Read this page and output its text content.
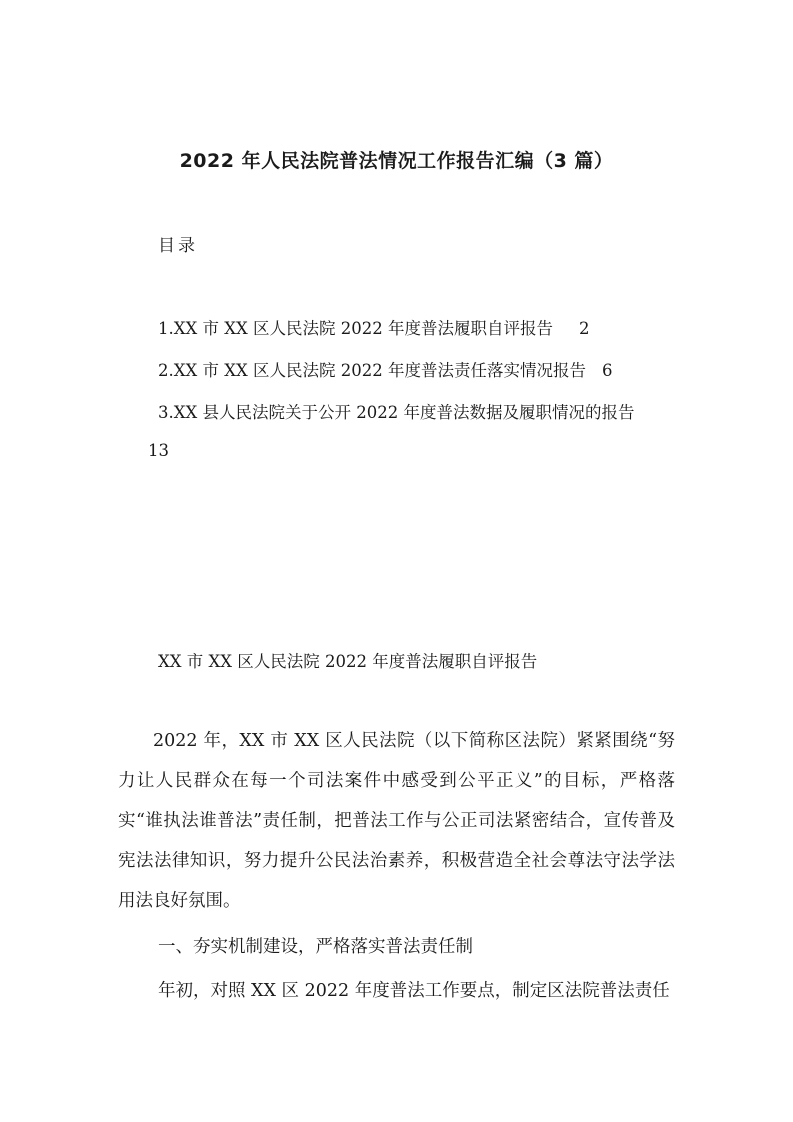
2022 年人民法院普法情况工作报告汇编（3 篇）
目录
1.XX 市 XX 区人民法院 2022 年度普法履职自评报告 2
2.XX 市 XX 区人民法院 2022 年度普法责任落实情况报告 6
3.XX 县人民法院关于公开 2022 年度普法数据及履职情况的报告
13
XX 市 XX 区人民法院 2022 年度普法履职自评报告
2022 年，XX 市 XX 区人民法院（以下简称区法院）紧紧围绕“努力让人民群众在每一个司法案件中感受到公平正义”的目标，严格落实“谁执法谁普法”责任制，把普法工作与公正司法紧密结合，宣传普及宪法法律知识，努力提升公民法治素养，积极营造全社会尊法守法学法用法良好氛围。
一、夯实机制建设，严格落实普法责任制
年初，对照 XX 区 2022 年度普法工作要点，制定区法院普法责任
